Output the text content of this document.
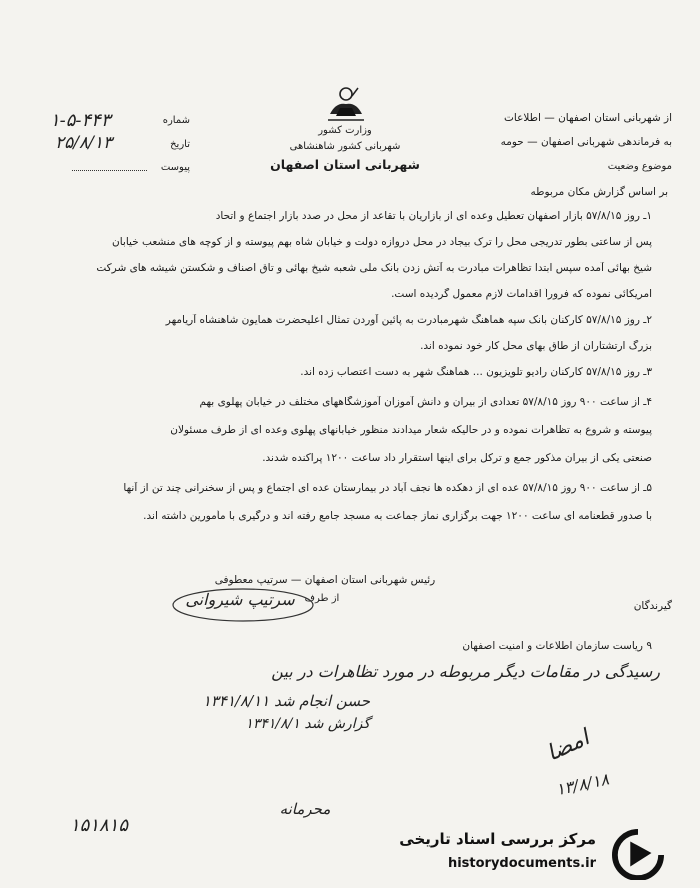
وزارت کشور
شهربانی کشور شاهنشاهی
شهربانی استان اصفهان
از شهربانی استان اصفهان — اطلاعات
به فرماندهی شهربانی اصفهان — حومه
موضوع وضعیت
شماره
۱-۵-۴۴۳
تاریخ
۲۵/۸/۱۳
پیوست
بر اساس گزارش مکان مربوطه
۱ـ روز ۵۷/۸/۱۵ بازار اصفهان تعطیل وعده ای از بازاریان با تقاعد از محل در صدد بازار اجتماع و اتحاد
پس از ساعتی بطور تدریجی محل را ترک بیجاد در محل دروازه دولت و خیابان شاه بهم پیوسته و از کوچه های منشعب خیابان
شیخ بهائی آمده سپس ابتدا تظاهرات مبادرت به آتش زدن بانک ملی شعبه شیخ بهائی و تاق اصناف و شکستن شیشه های شرکت
امریکائی نموده که فروراً اقدامات لازم معمول گردیده است.
۲ـ روز ۵۷/۸/۱۵ کارکنان بانک سپه هماهنگ شهرمبادرت به پائین آوردن تمثال اعلیحضرت همایون شاهنشاه آریامهر
بزرگ ارتشتاران از طاق بهای محل کار خود نموده اند.
۳ـ روز ۵۷/۸/۱۵ کارکنان رادیو تلویزیون ... هماهنگ شهر به دست اعتصاب زده اند.
۴ـ از ساعت ۹۰۰ روز ۵۷/۸/۱۵ تعدادی از بیران و دانش آموزان آموزشگاههای مختلف در خیابان پهلوی بهم
پیوسته و شروع به تظاهرات نموده و در حالیکه شعار میدادند منظور خیابانهای پهلوی وعده ای از طرف مسئولان
صنعتی یکی از بیران مذکور جمع و ترکل برای اینها استقرار داد ساعت ۱۲۰۰ پراکنده شدند.
۵ـ از ساعت ۹۰۰ روز ۵۷/۸/۱۵ عده ای از دهکده ها نجف آباد در بیمارستان عده ای اجتماع و پس از سخنرانی چند تن از آنها
با صدور قطعنامه ای ساعت ۱۲۰۰ جهت برگزاری نماز جماعت به مسجد جامع رفته اند و درگیری با مأمورین داشته اند.
رئیس شهربانی استان اصفهان — سرتیپ معطوفی
از طرف
سرتیپ شیروانی	گیرندگان
۹ ریاست سازمان اطلاعات و امنیت اصفهان
رسیدگی در مقامات دیگر مربوطه در مورد تظاهرات در بین
حسن انجام شد ۱۳۴۱/۸/۱۱
گزارش شد ۱۳۴۱/۸/۱
امضا
۱۳/۸/۱۸
محرمانه
۱۵۱۸۱۵
مرکز بررسی اسناد تاریخی
historydocuments.ir
